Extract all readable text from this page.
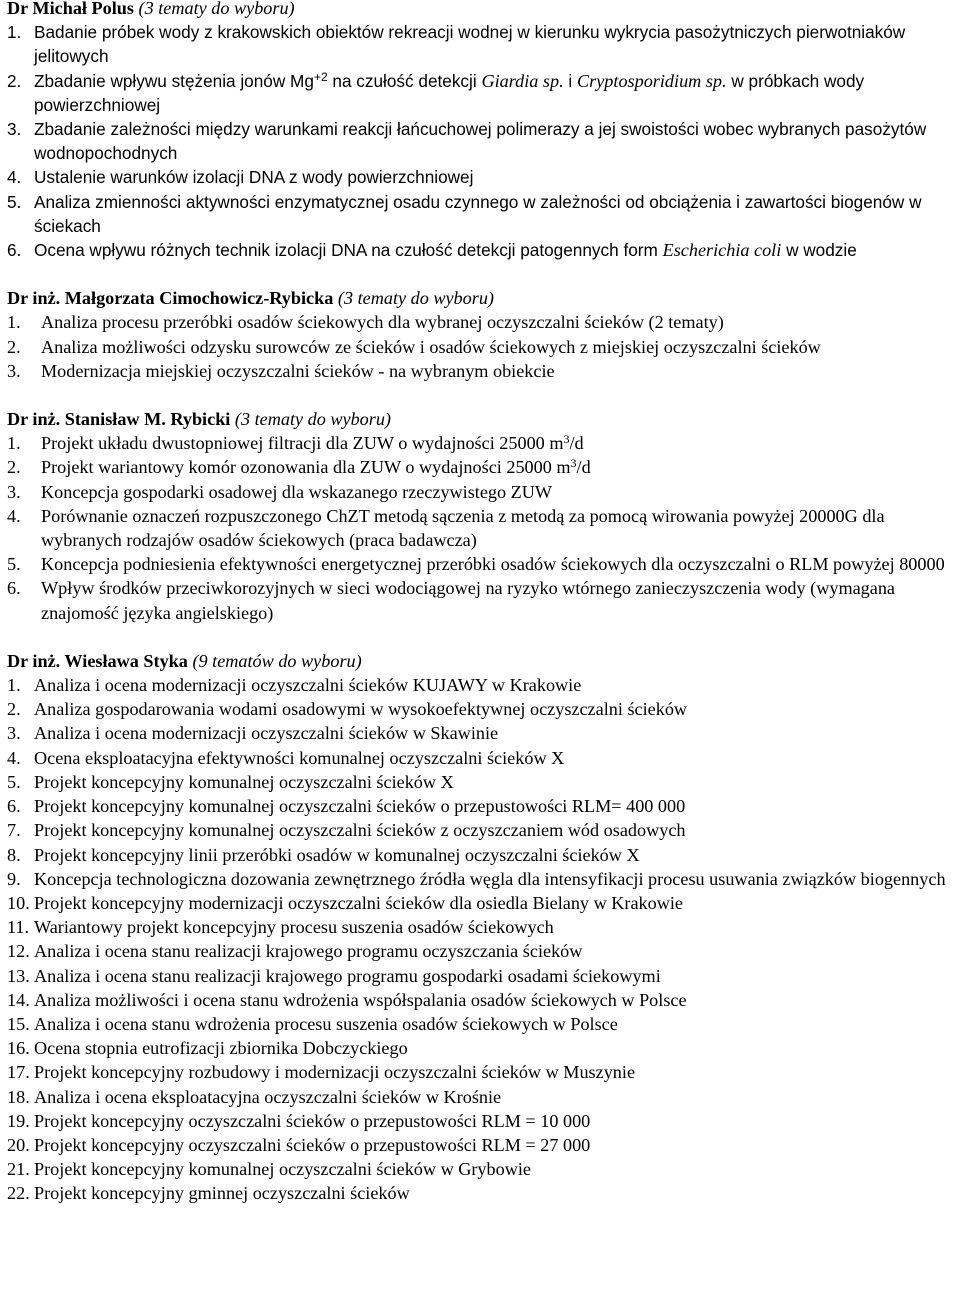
Dr Michał Polus (3 tematy do wyboru)

1. Badanie próbek wody z krakowskich obiektów rekreacji wodnej w kierunku wykrycia pasożytniczych pierwotniaków jelitowych
2. Zbadanie wpływu stężenia jonów $Mg^{+2}$ na czułość detekcji Giardia sp. i Cryptosporidium sp. w próbkach wody powierzchniowej
3. Zbadanie zależności między warunkami reakcji łańcuchowej polimerazy a jej swoistości wobec wybranych pasożytów wodnopochodnych
4. Ustalenie warunków izolacji DNA z wody powierzchniowej
5. Analiza zmienności aktywności enzymatycznej osadu czynnego w zależności od obciążenia i zawartości biogenów w ściekach
6. Ocena wpływu różnych technik izolacji DNA na czułość detekcji patogennych form Escherichia coli w wodzie

Dr inż. Małgorzata Cimochowicz-Rybicka (3 tematy do wyboru)

1. Analiza procesu przeróbki osadów ściekowych dla wybranej oczyszczalni ścieków (2 tematy)
2. Analiza możliwości odzysku surowców ze ścieków i osadów ściekowych z miejskiej oczyszczalni ścieków
3. Modernizacja miejskiej oczyszczalni ścieków - na wybranym obiekcie

Dr inż. Stanisław M. Rybicki (3 tematy do wyboru)

1. Projekt układu dwustopniowej filtracji dla ZUW o wydajności 25000 $m^3/d$
2. Projekt wariantowy komór ozonowania dla ZUW o wydajności 25000 $m^3/d$
3. Koncepcja gospodarki osadowej dla wskazanego rzeczywistego ZUW
4. Porównanie oznaczeń rozpuszczonego ChZT metodą sączenia z metodą za pomocą wirowania powyżej 20000G dla wybranych rodzajów osadów ściekowych (praca badawcza)
5. Koncepcja podniesienia efektywności energetycznej przeróbki osadów ściekowych dla oczyszczalni o RLM powyżej 80000
6. Wpływ środków przeciwkorozyjnych w sieci wodociągowej na ryzyko wtórnego zanieczyszczenia wody (wymagana znajomość języka angielskiego)

Dr inż. Wiesława Styka (9 tematów do wyboru)

1. Analiza i ocena modernizacji oczyszczalni ścieków KUJAWY w Krakowie
2. Analiza gospodarowania wodami osadowymi w wysokoefektywnej oczyszczalni ścieków
3. Analiza i ocena modernizacji oczyszczalni ścieków w Skawinie
4. Ocena eksploatacyjna efektywności komunalnej oczyszczalni ścieków X
5. Projekt koncepcyjny komunalnej oczyszczalni ścieków X
6. Projekt koncepcyjny komunalnej oczyszczalni ścieków o przepustowości RLM= 400 000
7. Projekt koncepcyjny komunalnej oczyszczalni ścieków z oczyszczaniem wód osadowych
8. Projekt koncepcyjny linii przeróbki osadów w komunalnej oczyszczalni ścieków X
9. Koncepcja technologiczna dozowania zewnętrznego źródła węgla dla intensyfikacji procesu usuwania związków biogennych
10. Projekt koncepcyjny modernizacji oczyszczalni ścieków dla osiedla Bielany w Krakowie
11. Wariantowy projekt koncepcyjny procesu suszenia osadów ściekowych
12. Analiza i ocena stanu realizacji krajowego programu oczyszczania ścieków
13. Analiza i ocena stanu realizacji krajowego programu gospodarki osadami ściekowymi
14. Analiza możliwości i ocena stanu wdrożenia współspalania osadów ściekowych w Polsce
15. Analiza i ocena stanu wdrożenia procesu suszenia osadów ściekowych w Polsce
16. Ocena stopnia eutrofizacji zbiornika Dobczyckiego
17. Projekt koncepcyjny rozbudowy i modernizacji oczyszczalni ścieków w Muszynie
18. Analiza i ocena eksploatacyjna oczyszczalni ścieków w Krośnie
19. Projekt koncepcyjny oczyszczalni ścieków o przepustowości RLM = 10 000
20. Projekt koncepcyjny oczyszczalni ścieków o przepustowości RLM = 27 000
21. Projekt koncepcyjny komunalnej oczyszczalni ścieków w Grybowie
22. Projekt koncepcyjny gminnej oczyszczalni ścieków
